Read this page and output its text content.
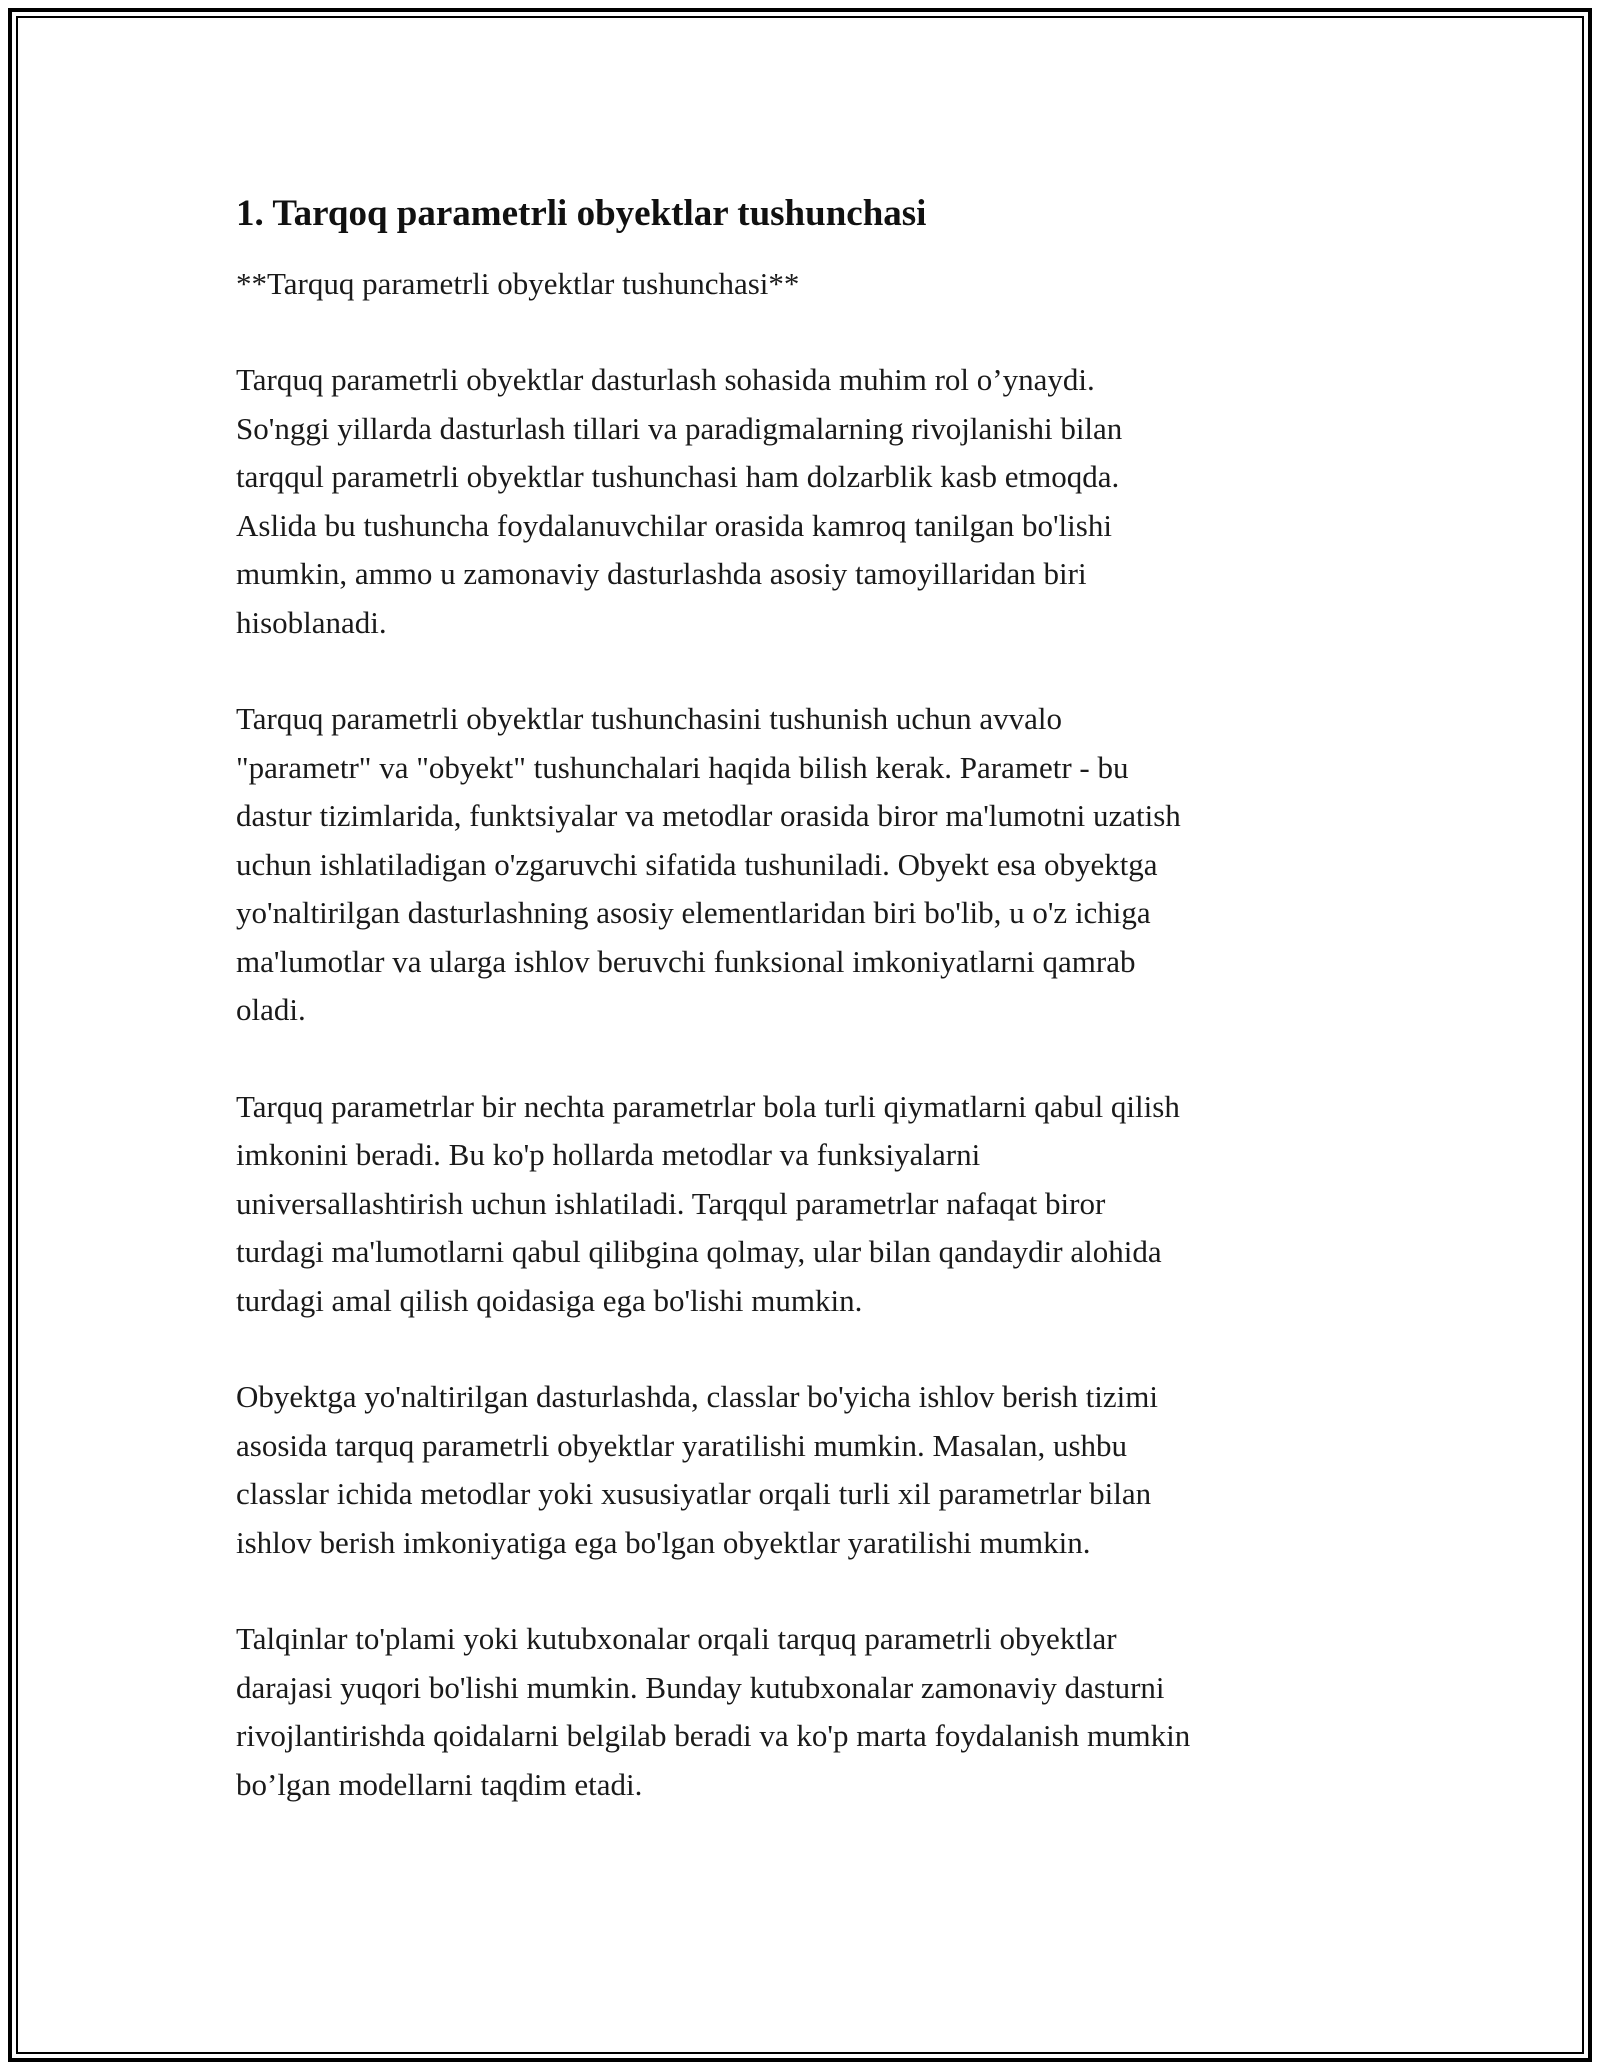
1. Tarqoq parametrli obyektlar tushunchasi
**Tarquq parametrli obyektlar tushunchasi**

Tarquq parametrli obyektlar dasturlash sohasida muhim rol o’ynaydi.
So'nggi yillarda dasturlash tillari va paradigmalarning rivojlanishi bilan
tarqqul parametrli obyektlar tushunchasi ham dolzarblik kasb etmoqda.
Aslida bu tushuncha foydalanuvchilar orasida kamroq tanilgan bo'lishi
mumkin, ammo u zamonaviy dasturlashda asosiy tamoyillaridan biri
hisoblanadi.

Tarquq parametrli obyektlar tushunchasini tushunish uchun avvalo
"parametr" va "obyekt" tushunchalari haqida bilish kerak. Parametr - bu
dastur tizimlarida, funktsiyalar va metodlar orasida biror ma'lumotni uzatish
uchun ishlatiladigan o'zgaruvchi sifatida tushuniladi. Obyekt esa obyektga
yo'naltirilgan dasturlashning asosiy elementlaridan biri bo'lib, u o'z ichiga
ma'lumotlar va ularga ishlov beruvchi funksional imkoniyatlarni qamrab
oladi.

Tarquq parametrlar bir nechta parametrlar bola turli qiymatlarni qabul qilish
imkonini beradi. Bu ko'p hollarda metodlar va funksiyalarni
universallashtirish uchun ishlatiladi. Tarqqul parametrlar nafaqat biror
turdagi ma'lumotlarni qabul qilibgina qolmay, ular bilan qandaydir alohida
turdagi amal qilish qoidasiga ega bo'lishi mumkin.

Obyektga yo'naltirilgan dasturlashda, classlar bo'yicha ishlov berish tizimi
asosida tarquq parametrli obyektlar yaratilishi mumkin. Masalan, ushbu
classlar ichida metodlar yoki xususiyatlar orqali turli xil parametrlar bilan
ishlov berish imkoniyatiga ega bo'lgan obyektlar yaratilishi mumkin.

Talqinlar to'plami yoki kutubxonalar orqali tarquq parametrli obyektlar
darajasi yuqori bo'lishi mumkin. Bunday kutubxonalar zamonaviy dasturni
rivojlantirishda qoidalarni belgilab beradi va ko'p marta foydalanish mumkin
bo’lgan modellarni taqdim etadi.
